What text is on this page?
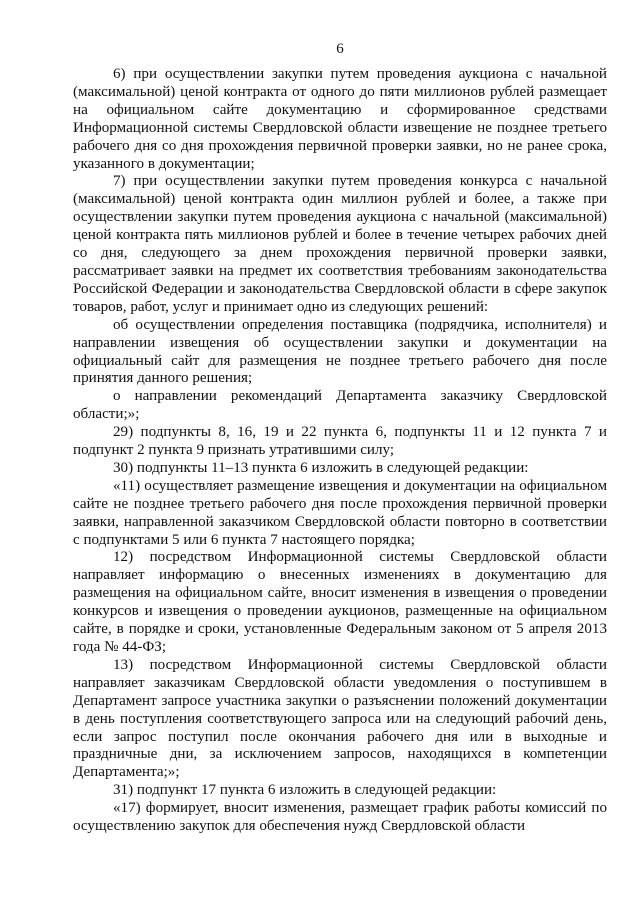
6

6) при осуществлении закупки путем проведения аукциона с начальной (максимальной) ценой контракта от одного до пяти миллионов рублей размещает на официальном сайте документацию и сформированное средствами Информационной системы Свердловской области извещение не позднее третьего рабочего дня со дня прохождения первичной проверки заявки, но не ранее срока, указанного в документации;

7) при осуществлении закупки путем проведения конкурса с начальной (максимальной) ценой контракта один миллион рублей и более, а также при осуществлении закупки путем проведения аукциона с начальной (максимальной) ценой контракта пять миллионов рублей и более в течение четырех рабочих дней со дня, следующего за днем прохождения первичной проверки заявки, рассматривает заявки на предмет их соответствия требованиям законодательства Российской Федерации и законодательства Свердловской области в сфере закупок товаров, работ, услуг и принимает одно из следующих решений:

об осуществлении определения поставщика (подрядчика, исполнителя) и направлении извещения об осуществлении закупки и документации на официальный сайт для размещения не позднее третьего рабочего дня после принятия данного решения;

о направлении рекомендаций Департамента заказчику Свердловской области;»;

29) подпункты 8, 16, 19 и 22 пункта 6, подпункты 11 и 12 пункта 7 и подпункт 2 пункта 9 признать утратившими силу;

30) подпункты 11–13 пункта 6 изложить в следующей редакции:

«11) осуществляет размещение извещения и документации на официальном сайте не позднее третьего рабочего дня после прохождения первичной проверки заявки, направленной заказчиком Свердловской области повторно в соответствии с подпунктами 5 или 6 пункта 7 настоящего порядка;

12) посредством Информационной системы Свердловской области направляет информацию о внесенных изменениях в документацию для размещения на официальном сайте, вносит изменения в извещения о проведении конкурсов и извещения о проведении аукционов, размещенные на официальном сайте, в порядке и сроки, установленные Федеральным законом от 5 апреля 2013 года № 44-ФЗ;

13) посредством Информационной системы Свердловской области направляет заказчикам Свердловской области уведомления о поступившем в Департамент запросе участника закупки о разъяснении положений документации в день поступления соответствующего запроса или на следующий рабочий день, если запрос поступил после окончания рабочего дня или в выходные и праздничные дни, за исключением запросов, находящихся в компетенции Департамента;»;

31) подпункт 17 пункта 6 изложить в следующей редакции:

«17) формирует, вносит изменения, размещает график работы комиссий по осуществлению закупок для обеспечения нужд Свердловской области
